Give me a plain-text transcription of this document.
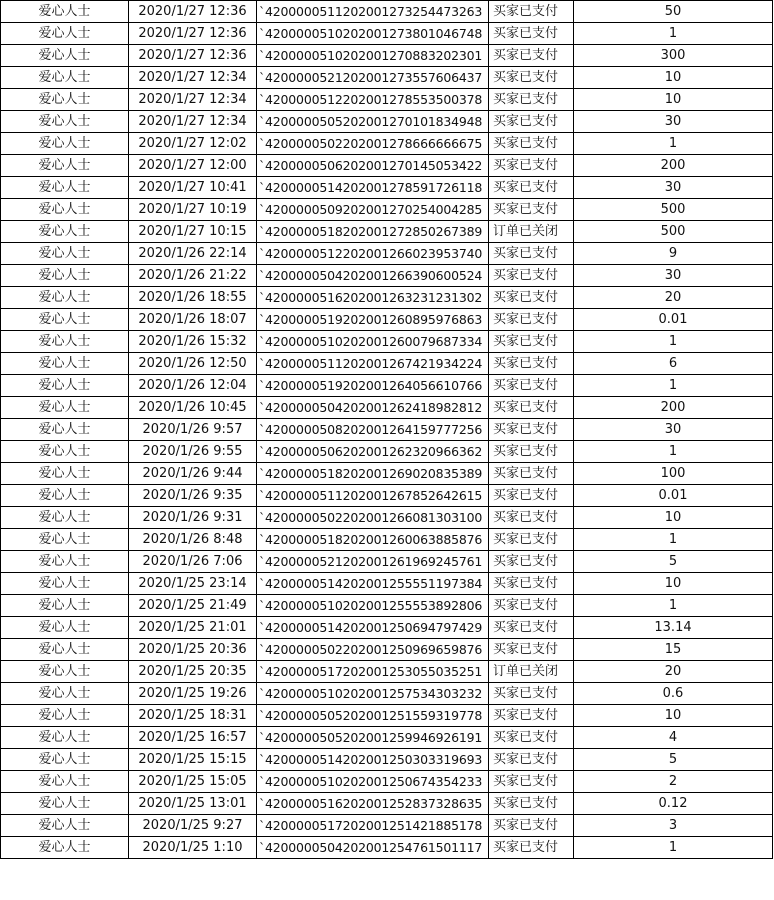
爱心人士	2020/1/27 12:36	`4200000511202001273254473263	买家已支付	50
爱心人士	2020/1/27 12:36	`4200000510202001273801046748	买家已支付	1
爱心人士	2020/1/27 12:36	`4200000510202001270883202301	买家已支付	300
爱心人士	2020/1/27 12:34	`4200000521202001273557606437	买家已支付	10
爱心人士	2020/1/27 12:34	`4200000512202001278553500378	买家已支付	10
爱心人士	2020/1/27 12:34	`4200000505202001270101834948	买家已支付	30
爱心人士	2020/1/27 12:02	`4200000502202001278666666675	买家已支付	1
爱心人士	2020/1/27 12:00	`4200000506202001270145053422	买家已支付	200
爱心人士	2020/1/27 10:41	`4200000514202001278591726118	买家已支付	30
爱心人士	2020/1/27 10:19	`4200000509202001270254004285	买家已支付	500
爱心人士	2020/1/27 10:15	`4200000518202001272850267389	订单已关闭	500
爱心人士	2020/1/26 22:14	`4200000512202001266023953740	买家已支付	9
爱心人士	2020/1/26 21:22	`4200000504202001266390600524	买家已支付	30
爱心人士	2020/1/26 18:55	`4200000516202001263231231302	买家已支付	20
爱心人士	2020/1/26 18:07	`4200000519202001260895976863	买家已支付	0.01
爱心人士	2020/1/26 15:32	`4200000510202001260079687334	买家已支付	1
爱心人士	2020/1/26 12:50	`4200000511202001267421934224	买家已支付	6
爱心人士	2020/1/26 12:04	`4200000519202001264056610766	买家已支付	1
爱心人士	2020/1/26 10:45	`4200000504202001262418982812	买家已支付	200
爱心人士	2020/1/26 9:57	`4200000508202001264159777256	买家已支付	30
爱心人士	2020/1/26 9:55	`4200000506202001262320966362	买家已支付	1
爱心人士	2020/1/26 9:44	`4200000518202001269020835389	买家已支付	100
爱心人士	2020/1/26 9:35	`4200000511202001267852642615	买家已支付	0.01
爱心人士	2020/1/26 9:31	`4200000502202001266081303100	买家已支付	10
爱心人士	2020/1/26 8:48	`4200000518202001260063885876	买家已支付	1
爱心人士	2020/1/26 7:06	`4200000521202001261969245761	买家已支付	5
爱心人士	2020/1/25 23:14	`4200000514202001255551197384	买家已支付	10
爱心人士	2020/1/25 21:49	`4200000510202001255553892806	买家已支付	1
爱心人士	2020/1/25 21:01	`4200000514202001250694797429	买家已支付	13.14
爱心人士	2020/1/25 20:36	`4200000502202001250969659876	买家已支付	15
爱心人士	2020/1/25 20:35	`4200000517202001253055035251	订单已关闭	20
爱心人士	2020/1/25 19:26	`4200000510202001257534303232	买家已支付	0.6
爱心人士	2020/1/25 18:31	`4200000505202001251559319778	买家已支付	10
爱心人士	2020/1/25 16:57	`4200000505202001259946926191	买家已支付	4
爱心人士	2020/1/25 15:15	`4200000514202001250303319693	买家已支付	5
爱心人士	2020/1/25 15:05	`4200000510202001250674354233	买家已支付	2
爱心人士	2020/1/25 13:01	`4200000516202001252837328635	买家已支付	0.12
爱心人士	2020/1/25 9:27	`4200000517202001251421885178	买家已支付	3
爱心人士	2020/1/25 1:10	`4200000504202001254761501117	买家已支付	1
